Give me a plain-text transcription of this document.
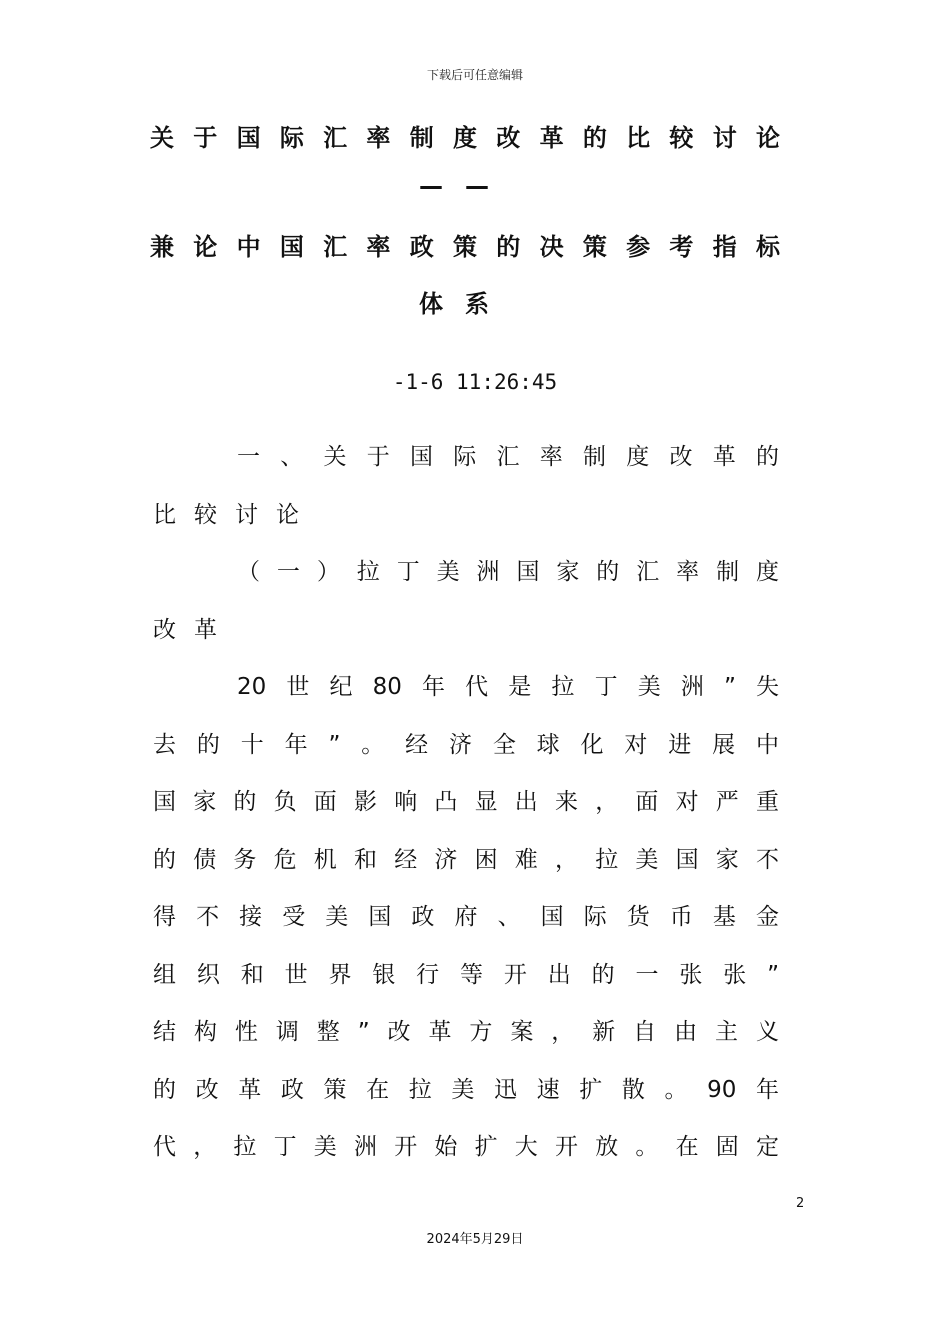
下载后可任意编辑
关于国际汇率制度改革的比较讨论
——
兼论中国汇率政策的决策参考指标
体系
-1-6 11:26:45
一、关于国际汇率制度改革的
比较讨论
（一）拉丁美洲国家的汇率制度
改革
20世纪80年代是拉丁美洲”失
去的十年”。经济全球化对进展中
国家的负面影响凸显出来，面对严重
的债务危机和经济困难，拉美国家不
得不接受美国政府、国际货币基金
组织和世界银行等开出的一张张”
结构性调整”改革方案，新自由主义
的改革政策在拉美迅速扩散。90年
代，拉丁美洲开始扩大开放。在固定
2
2024年5月29日
